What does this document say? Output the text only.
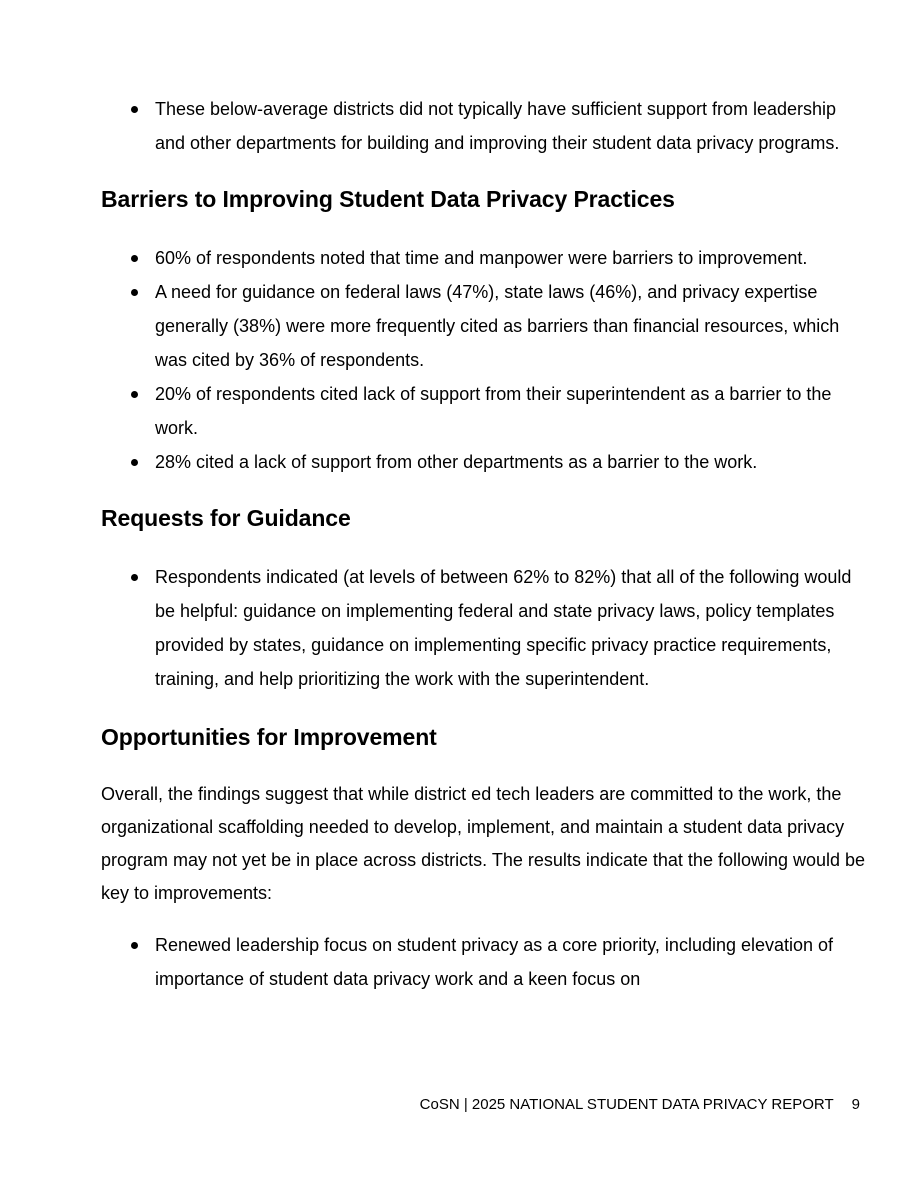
These below-average districts did not typically have sufficient support from leadership and other departments for building and improving their student data privacy programs.
Barriers to Improving Student Data Privacy Practices
60% of respondents noted that time and manpower were barriers to improvement.
A need for guidance on federal laws (47%), state laws (46%), and privacy expertise generally (38%) were more frequently cited as barriers than financial resources, which was cited by 36% of respondents.
20% of respondents cited lack of support from their superintendent as a barrier to the work.
28% cited a lack of support from other departments as a barrier to the work.
Requests for Guidance
Respondents indicated (at levels of between 62% to 82%) that all of the following would be helpful: guidance on implementing federal and state privacy laws, policy templates provided by states, guidance on implementing specific privacy practice requirements, training, and help prioritizing the work with the superintendent.
Opportunities for Improvement

Overall, the findings suggest that while district ed tech leaders are committed to the work, the organizational scaffolding needed to develop, implement, and maintain a student data privacy program may not yet be in place across districts. The results indicate that the following would be key to improvements:

Renewed leadership focus on student privacy as a core priority, including elevation of importance of student data privacy work and a keen focus on
CoSN | 2025 NATIONAL STUDENT DATA PRIVACY REPORT 9
